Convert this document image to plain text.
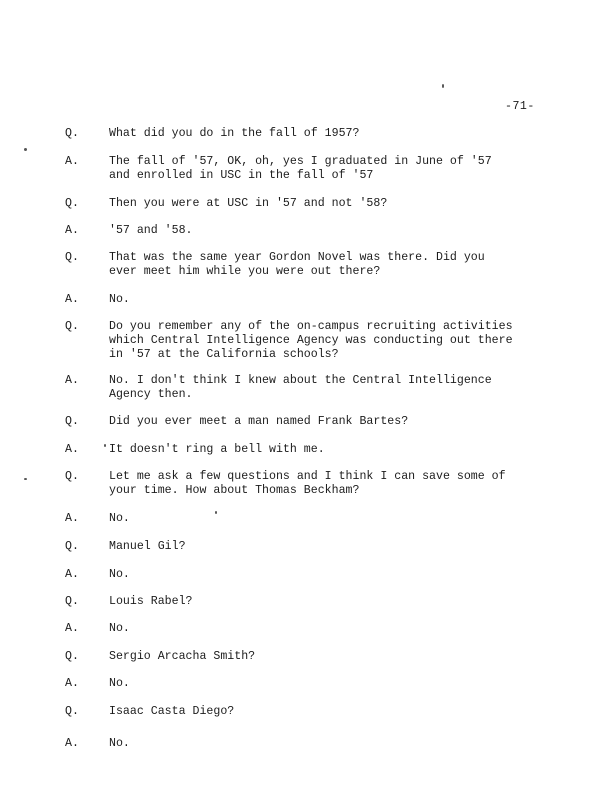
-71-
Q.	What did you do in the fall of 1957?
A.	The fall of '57, OK, oh, yes I graduated in June of '57
and enrolled in USC in the fall of '57
Q.	Then you were at USC in '57 and not '58?
A.	'57 and '58.
Q.	That was the same year Gordon Novel was there. Did you
ever meet him while you were out there?
A.	No.
Q.	Do you remember any of the on-campus recruiting activities
which Central Intelligence Agency was conducting out there
in '57 at the California schools?
A.	No. I don't think I knew about the Central Intelligence
Agency then.
Q.	Did you ever meet a man named Frank Bartes?
A.	It doesn't ring a bell with me.
Q.	Let me ask a few questions and I think I can save some of
your time. How about Thomas Beckham?
A.	No.
Q.	Manuel Gil?
A.	No.
Q.	Louis Rabel?
A.	No.
Q.	Sergio Arcacha Smith?
A.	No.
Q.	Isaac Casta Diego?
A.	No.
